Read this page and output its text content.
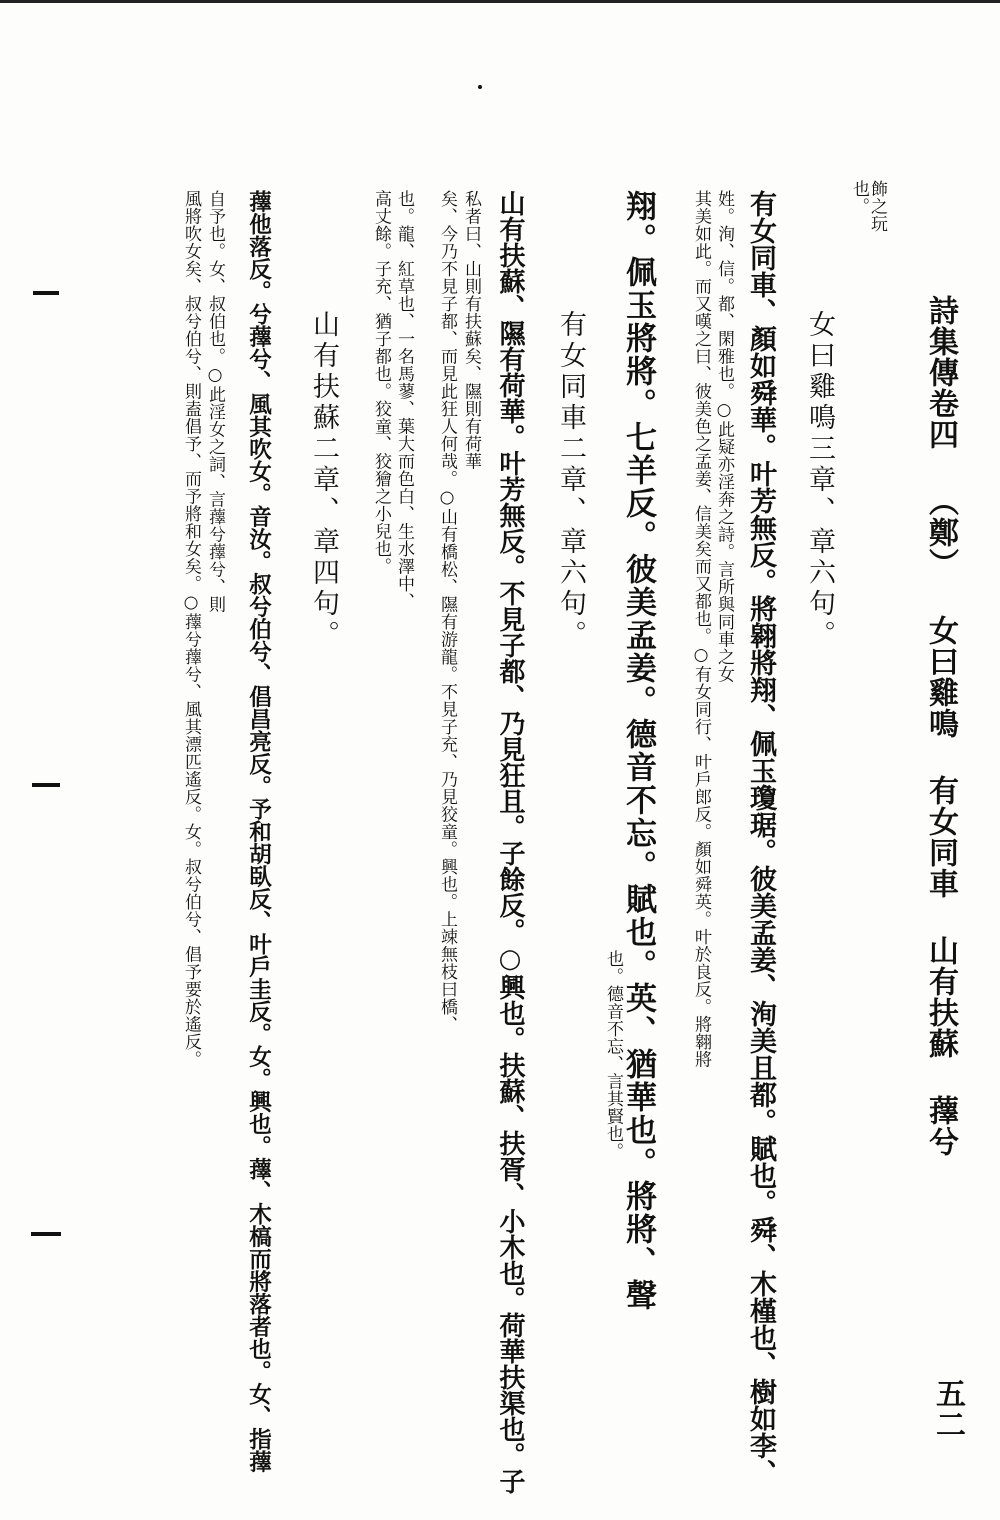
詩集傳卷四 （鄭） 女曰雞鳴 有女同車 山有扶蘇 蘀兮
五二
飾之玩
也。
女曰雞鳴三章、章六句。
有女同車、顏如舜華。叶芳無反。將翱將翔、佩玉瓊琚。彼美孟姜、洵美且都。賦也。舜、木槿也、樹如李、
姓。洵、信。都、閑雅也。○此疑亦淫奔之詩。言所與同車之女
其美如此。而又嘆之曰、彼美色之孟姜、信美矣而又都也。○有女同行、叶戶郎反。顏如舜英。叶於良反。將翱將
翔。佩玉將將。七羊反。彼美孟姜。德音不忘。賦也。英、猶華也。將將、聲
也。德音不忘、言其賢也。
有女同車二章、章六句。
山有扶蘇、隰有荷華。叶芳無反。不見子都、乃見狂且。子餘反。○興也。扶蘇、扶胥、小木也。荷華扶渠也。子
私者曰、山則有扶蘇矣、隰則有荷華
矣、今乃不見子都、而見此狂人何哉。○山有橋松、隰有游龍。不見子充、乃見狡童。興也。上竦無枝曰橋、
也。龍、紅草也、一名馬蓼、葉大而色白、生水澤中、
高丈餘。子充、猶子都也。狡童、狡獪之小兒也。
山有扶蘇二章、章四句。
蘀他落反。兮蘀兮、風其吹女。音汝。叔兮伯兮、倡昌亮反。予和胡臥反、叶戶圭反。女。興也。蘀、木槁而將落者也。女、指蘀
自予也。女、叔伯也。○此淫女之詞、言蘀兮蘀兮、則
風將吹女矣、叔兮伯兮、則盍倡予、而予將和女矣。○蘀兮蘀兮、風其漂匹遙反。女。叔兮伯兮、倡予要於遙反。
